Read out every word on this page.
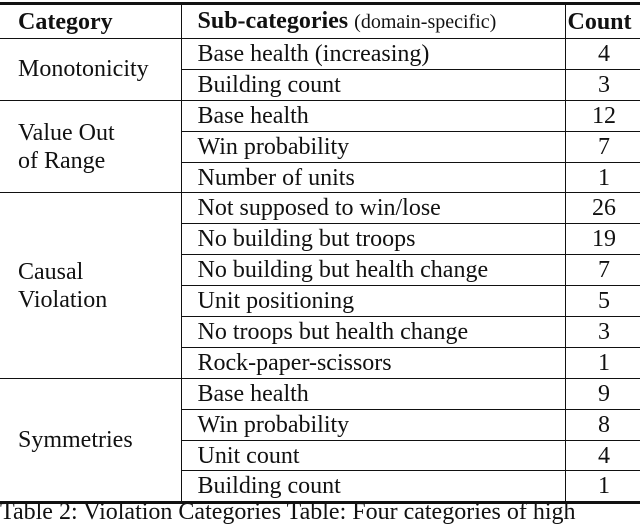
Category	Sub-categories (domain-specific)	Count
Monotonicity	Base health (increasing)	4
	Building count	3
Value Out
of Range	Base health	12
	Win probability	7
	Number of units	1
Causal
Violation	Not supposed to win/lose	26
	No building but troops	19
	No building but health change	7
	Unit positioning	5
	No troops but health change	3
	Rock-paper-scissors	1
Symmetries	Base health	9
	Win probability	8
	Unit count	4
	Building count	1
Table 2: Violation Categories Table: Four categories of high
